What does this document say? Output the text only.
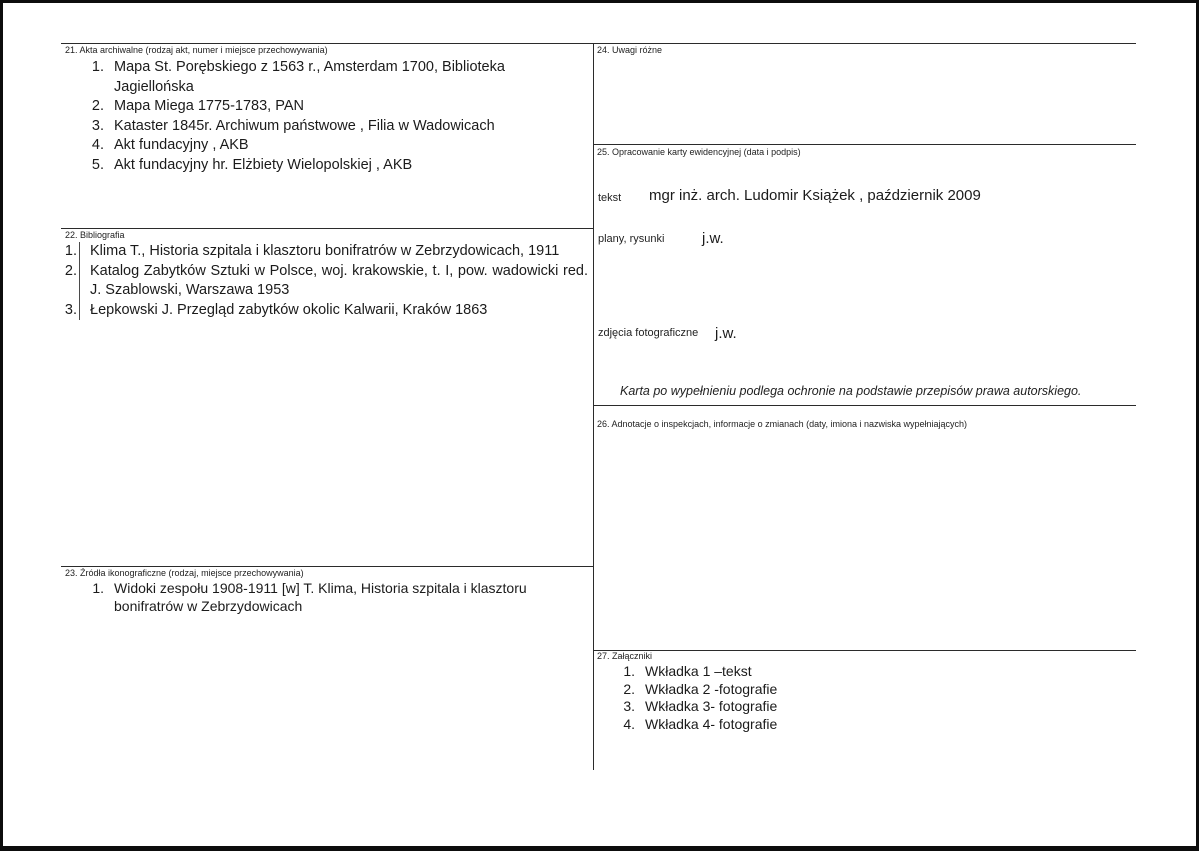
21. Akta archiwalne (rodzaj akt, numer i miejsce przechowywania)
1. Mapa St. Porębskiego z 1563 r., Amsterdam 1700, Biblioteka Jagiellońska
2. Mapa Miega 1775-1783, PAN
3. Kataster 1845r. Archiwum państwowe , Filia w Wadowicach
4. Akt fundacyjny , AKB
5. Akt fundacyjny hr. Elżbiety Wielopolskiej , AKB
22. Bibliografia
1. Klima T., Historia szpitala i klasztoru bonifratrów w Zebrzydowicach, 1911
2. Katalog Zabytków Sztuki w Polsce, woj. krakowskie, t. I, pow. wadowicki red. J. Szablowski, Warszawa 1953
3. Łepkowski J. Przegląd zabytków okolic Kalwarii, Kraków 1863
23. Źródła ikonograficzne (rodzaj, miejsce przechowywania)
1. Widoki zespołu 1908-1911 [w] T. Klima, Historia szpitala i klasztoru bonifratrów w Zebrzydowicach
24. Uwagi różne
25. Opracowanie karty ewidencyjnej (data i podpis)
tekst mgr inż. arch. Ludomir Książek , październik 2009
plany, rysunki	j.w.
zdjęcia fotograficzne j.w.
Karta po wypełnieniu podlega ochronie na podstawie przepisów prawa autorskiego.
26. Adnotacje o inspekcjach, informacje o zmianach (daty, imiona i nazwiska wypełniających)
27. Załączniki
1. Wkładka 1 –tekst
2. Wkładka 2 -fotografie
3. Wkładka 3- fotografie
4. Wkładka 4- fotografie
